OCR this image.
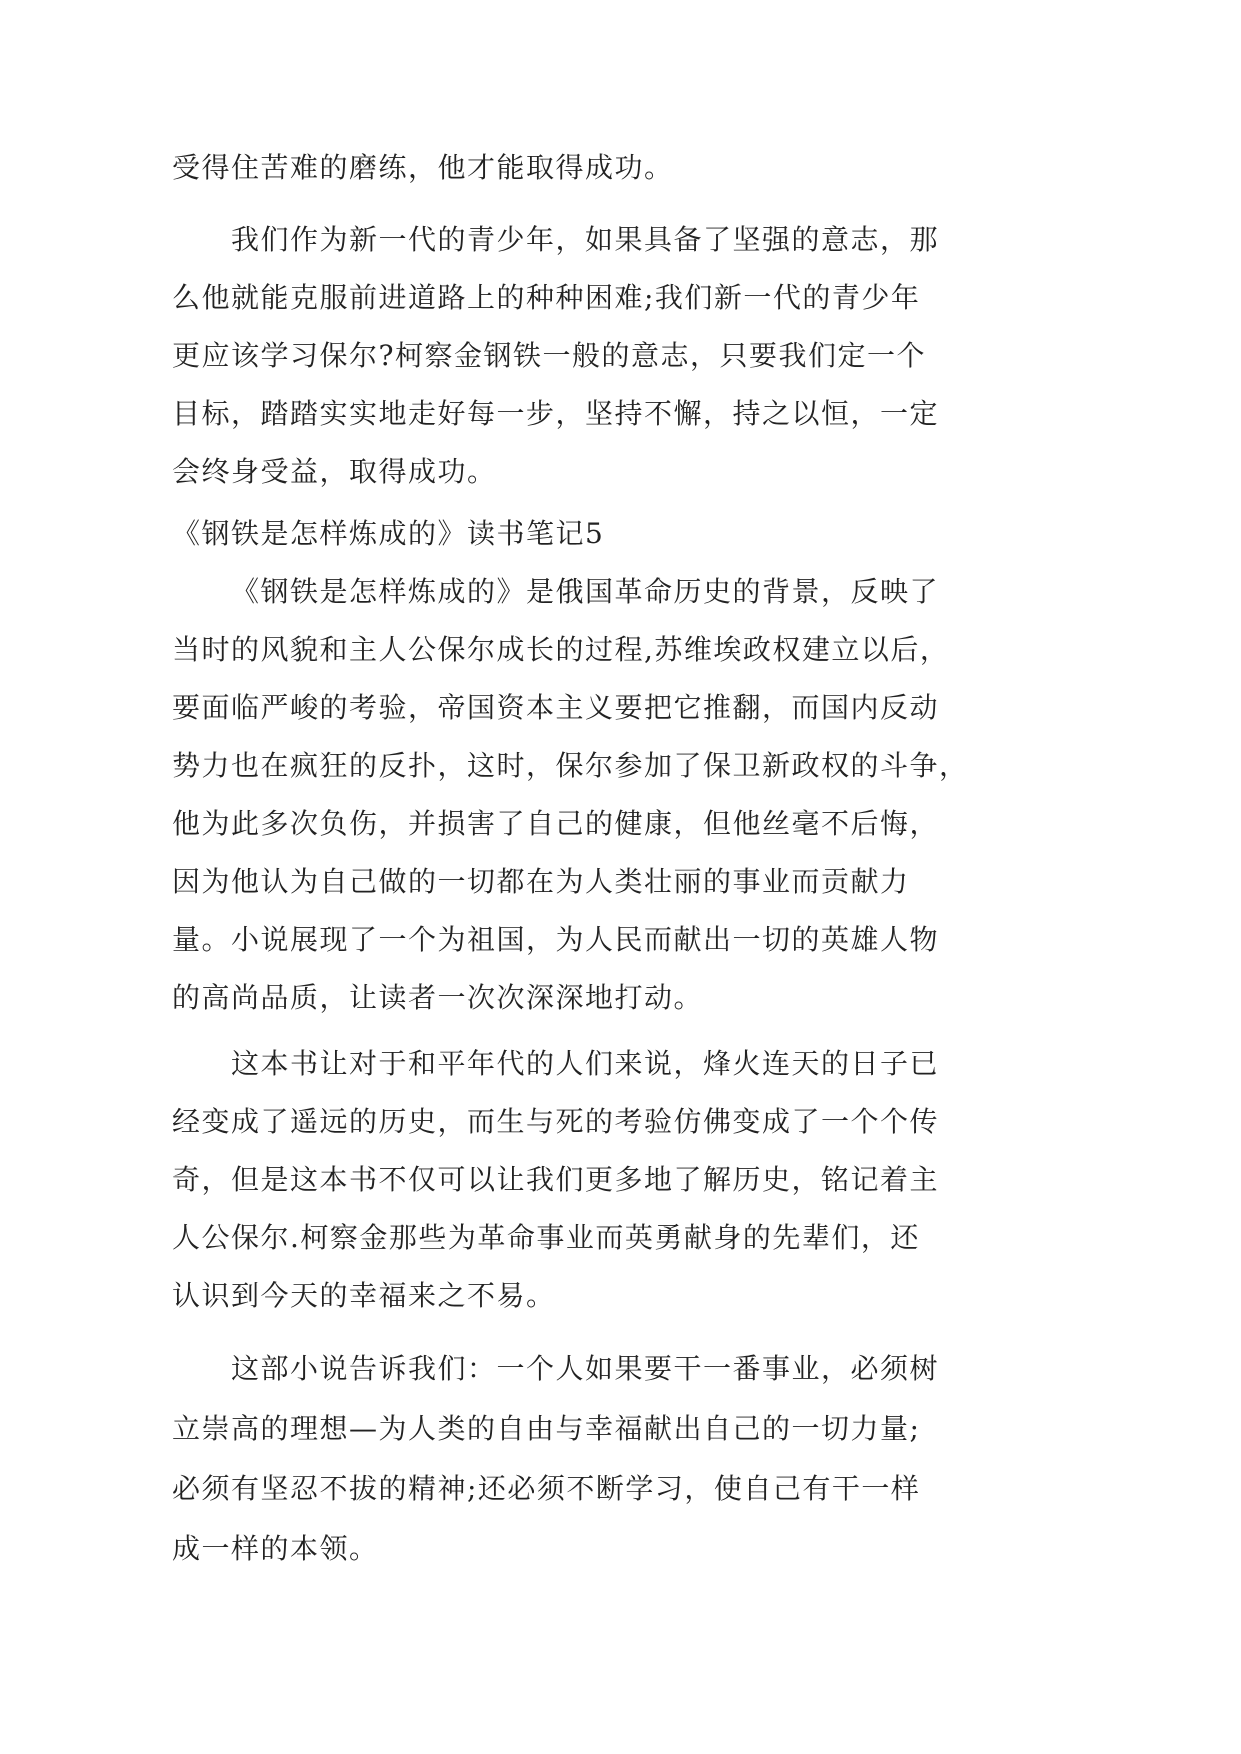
受得住苦难的磨练，他才能取得成功。
我们作为新一代的青少年，如果具备了坚强的意志，那
么他就能克服前进道路上的种种困难;我们新一代的青少年
更应该学习保尔?柯察金钢铁一般的意志，只要我们定一个
目标，踏踏实实地走好每一步，坚持不懈，持之以恒，一定
会终身受益，取得成功。
《钢铁是怎样炼成的》读书笔记5
《钢铁是怎样炼成的》是俄国革命历史的背景，反映了
当时的风貌和主人公保尔成长的过程,苏维埃政权建立以后，
要面临严峻的考验，帝国资本主义要把它推翻，而国内反动
势力也在疯狂的反扑，这时，保尔参加了保卫新政权的斗争，
他为此多次负伤，并损害了自己的健康，但他丝毫不后悔，
因为他认为自己做的一切都在为人类壮丽的事业而贡献力
量。小说展现了一个为祖国，为人民而献出一切的英雄人物
的高尚品质，让读者一次次深深地打动。
这本书让对于和平年代的人们来说，烽火连天的日子已
经变成了遥远的历史，而生与死的考验仿佛变成了一个个传
奇，但是这本书不仅可以让我们更多地了解历史，铭记着主
人公保尔.柯察金那些为革命事业而英勇献身的先辈们，还
认识到今天的幸福来之不易。
这部小说告诉我们：一个人如果要干一番事业，必须树
立崇高的理想—为人类的自由与幸福献出自己的一切力量;
必须有坚忍不拔的精神;还必须不断学习，使自己有干一样
成一样的本领。
